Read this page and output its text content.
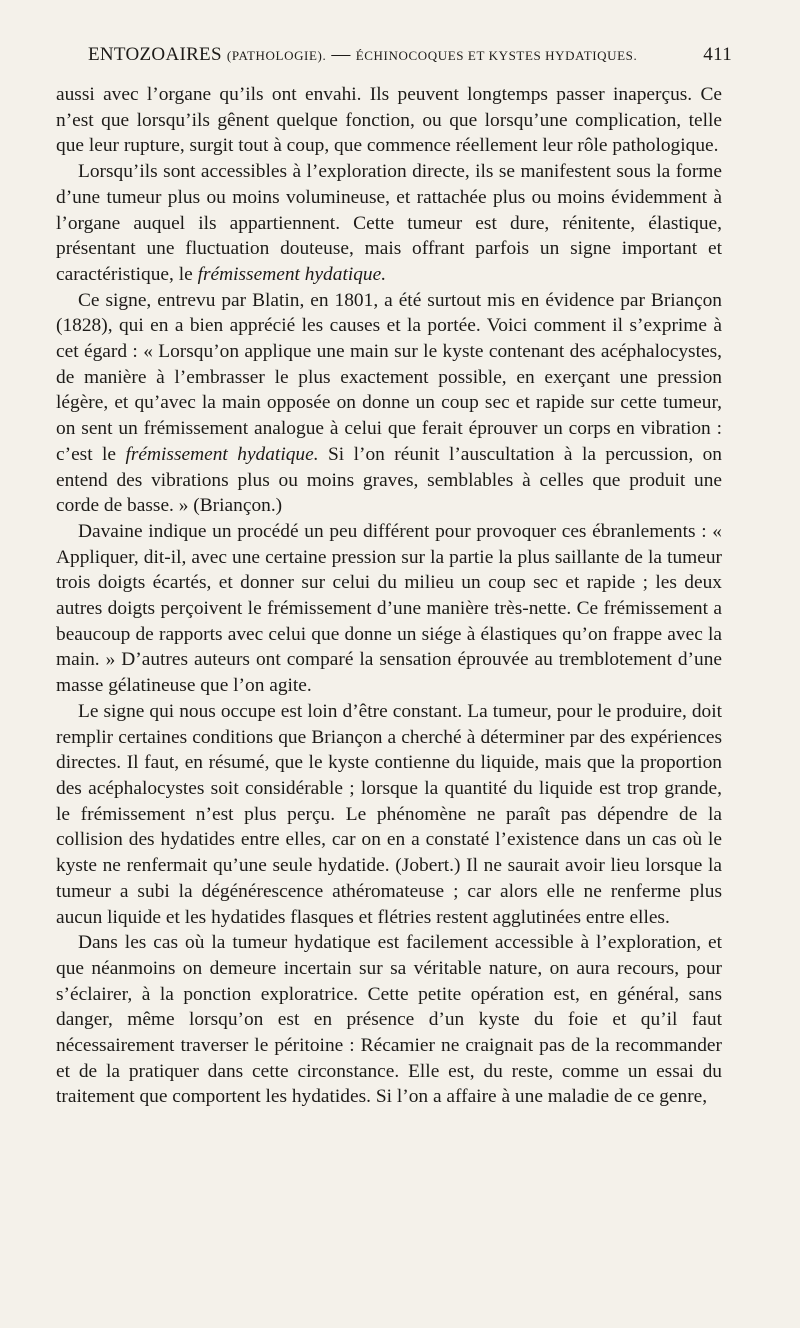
ENTOZOAIRES (PATHOLOGIE). — ÉCHINOCOQUES ET KYSTES HYDATIQUES.	411

aussi avec l’organe qu’ils ont envahi. Ils peuvent longtemps passer inaperçus. Ce n’est que lorsqu’ils gênent quelque fonction, ou que lorsqu’une complication, telle que leur rupture, surgit tout à coup, que commence réellement leur rôle pathologique.

Lorsqu’ils sont accessibles à l’exploration directe, ils se manifestent sous la forme d’une tumeur plus ou moins volumineuse, et rattachée plus ou moins évidemment à l’organe auquel ils appartiennent. Cette tumeur est dure, rénitente, élastique, présentant une fluctuation douteuse, mais offrant parfois un signe important et caractéristique, le frémissement hydatique.

Ce signe, entrevu par Blatin, en 1801, a été surtout mis en évidence par Briançon (1828), qui en a bien apprécié les causes et la portée. Voici comment il s’exprime à cet égard : « Lorsqu’on applique une main sur le kyste contenant des acéphalocystes, de manière à l’embrasser le plus exactement possible, en exerçant une pression légère, et qu’avec la main opposée on donne un coup sec et rapide sur cette tumeur, on sent un frémissement analogue à celui que ferait éprouver un corps en vibration : c’est le frémissement hydatique. Si l’on réunit l’auscultation à la percussion, on entend des vibrations plus ou moins graves, semblables à celles que produit une corde de basse. » (Briançon.)

Davaine indique un procédé un peu différent pour provoquer ces ébranlements : « Appliquer, dit-il, avec une certaine pression sur la partie la plus saillante de la tumeur trois doigts écartés, et donner sur celui du milieu un coup sec et rapide ; les deux autres doigts perçoivent le frémissement d’une manière très-nette. Ce frémissement a beaucoup de rapports avec celui que donne un siége à élastiques qu’on frappe avec la main. » D’autres auteurs ont comparé la sensation éprouvée au tremblotement d’une masse gélatineuse que l’on agite.

Le signe qui nous occupe est loin d’être constant. La tumeur, pour le produire, doit remplir certaines conditions que Briançon a cherché à déterminer par des expériences directes. Il faut, en résumé, que le kyste contienne du liquide, mais que la proportion des acéphalocystes soit considérable ; lorsque la quantité du liquide est trop grande, le frémissement n’est plus perçu. Le phénomène ne paraît pas dépendre de la collision des hydatides entre elles, car on en a constaté l’existence dans un cas où le kyste ne renfermait qu’une seule hydatide. (Jobert.) Il ne saurait avoir lieu lorsque la tumeur a subi la dégénérescence athéromateuse ; car alors elle ne renferme plus aucun liquide et les hydatides flasques et flétries restent agglutinées entre elles.

Dans les cas où la tumeur hydatique est facilement accessible à l’exploration, et que néanmoins on demeure incertain sur sa véritable nature, on aura recours, pour s’éclairer, à la ponction exploratrice. Cette petite opération est, en général, sans danger, même lorsqu’on est en présence d’un kyste du foie et qu’il faut nécessairement traverser le péritoine : Récamier ne craignait pas de la recommander et de la pratiquer dans cette circonstance. Elle est, du reste, comme un essai du traitement que comportent les hydatides. Si l’on a affaire à une maladie de ce genre,
